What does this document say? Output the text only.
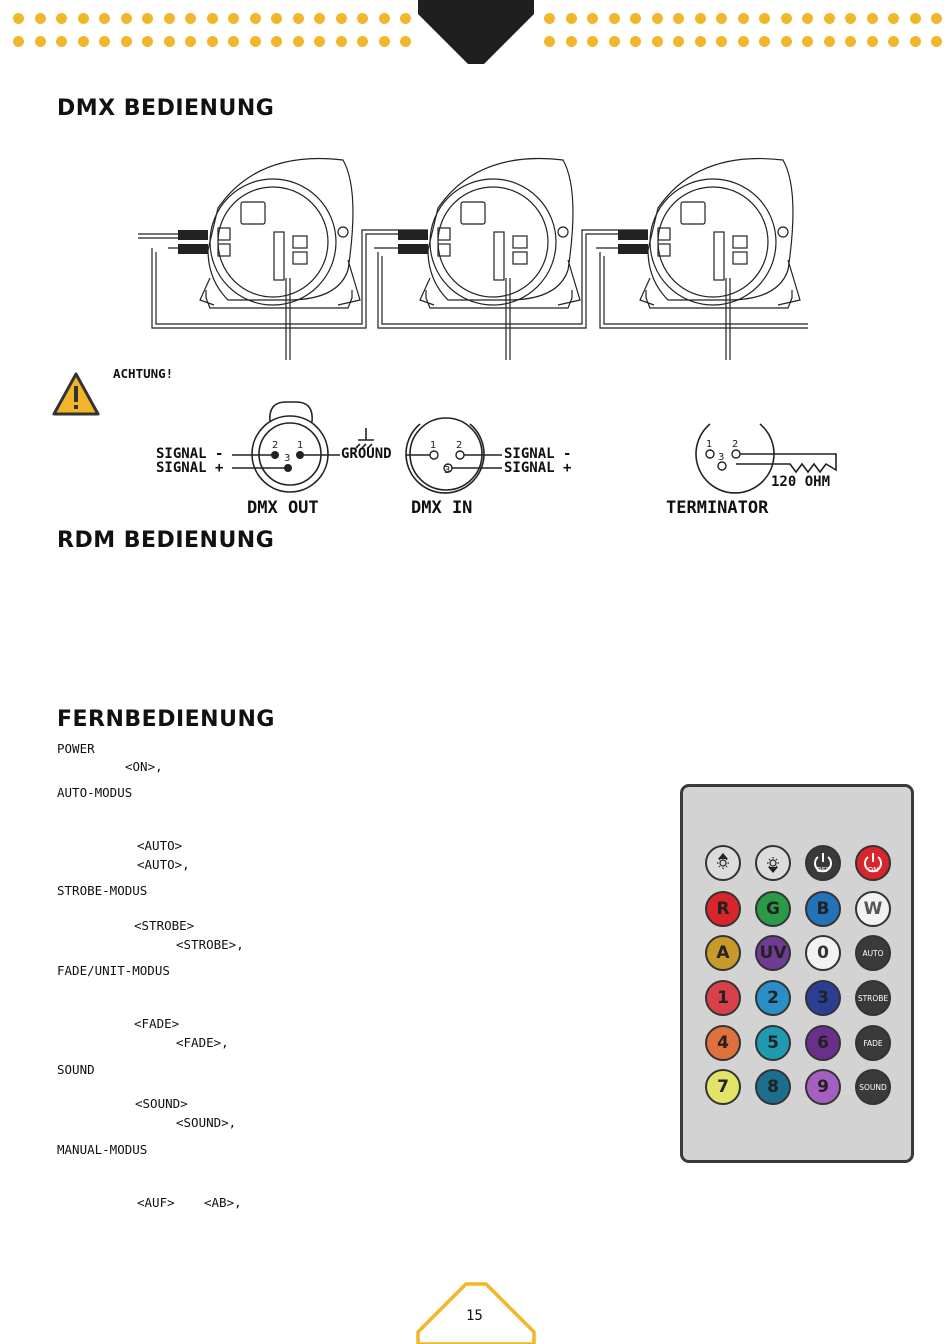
DMX BEDIENUNG
ACHTUNG!
2 1
3
1 2
3
1 2
3
SIGNAL -
SIGNAL +
GROUND	SIGNAL -
SIGNAL +
120 OHM
DMX OUT	DMX IN	TERMINATOR
RDM BEDIENUNG
FERNBEDIENUNG
POWER
<ON>,
AUTO-MODUS
<AUTO>
<AUTO>,
STROBE-MODUS
<STROBE>
<STROBE>,
FADE/UNIT-MODUS
<FADE>
<FADE>,
SOUND
<SOUND>
<SOUND>,
MANUAL-MODUS
<AUF> <AB>,
OFF	ON
R G B W
A UV 0	AUTO
1 2 3	STROBE
4 5 6	FADE
7 8 9	SOUND
15
